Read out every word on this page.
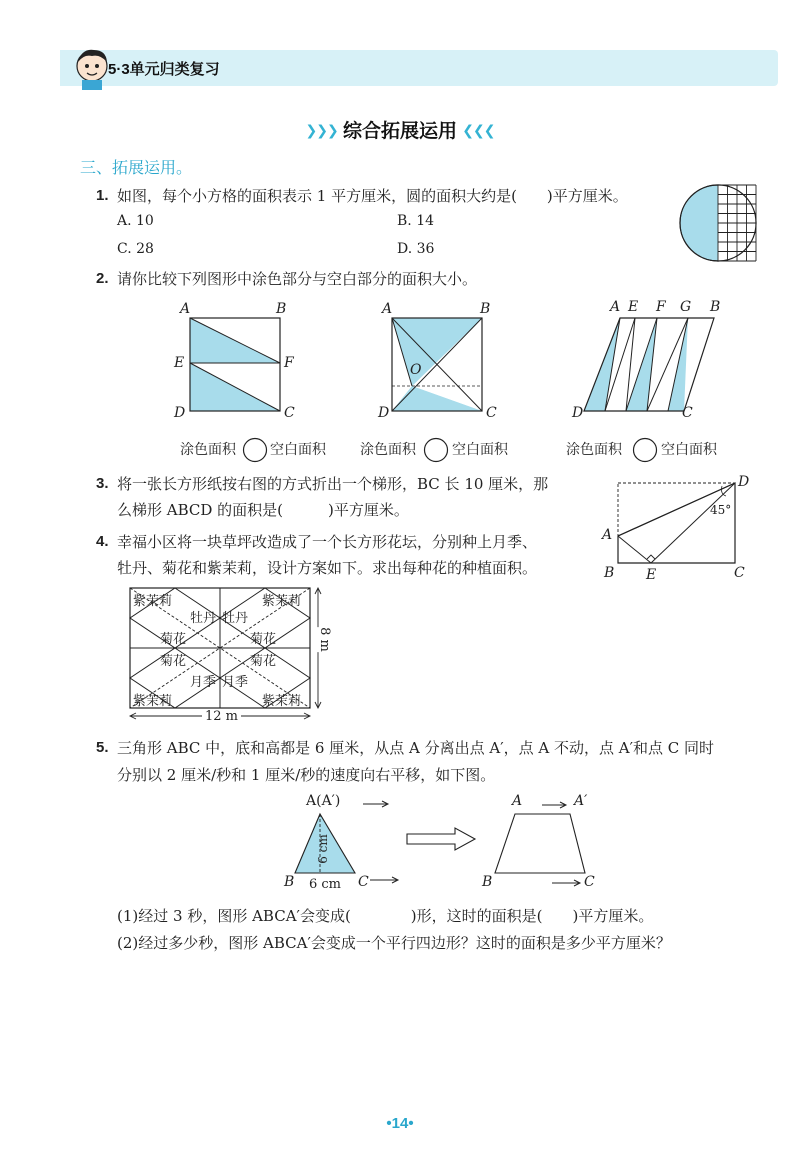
5·3单元归类复习
❯❯❯ 综合拓展运用 ❮❮❮
三、拓展运用。
1. 如图，每个小方格的面积表示 1 平方厘米，圆的面积大约是(　　)平方厘米。
A. 10	B. 14
C. 28	D. 36
2. 请你比较下列图形中涂色部分与空白部分的面积大小。
A	B
E	F
D	C
涂色面积 空白面积
A	B
O
D	C
涂色面积	空白面积
A E F G B
D	C
涂色面积	空白面积
3. 将一张长方形纸按右图的方式折出一个梯形，BC 长 10 厘米，那
么梯形 ABCD 的面积是(　　　)平方厘米。
D
45°
A
B E	C
4. 幸福小区将一块草坪改造成了一个长方形花坛，分别种上月季、
牡丹、菊花和紫茉莉，设计方案如下。求出每种花的种植面积。
紫茉莉	紫茉莉
牡丹 牡丹
菊花	菊花
菊花	菊花
月季 月季
紫茉莉	紫茉莉
12 m
8 m
5. 三角形 ABC 中，底和高都是 6 厘米，从点 A 分离出点 A′，点 A 不动，点 A′和点 C 同时
分别以 2 厘米/秒和 1 厘米/秒的速度向右平移，如下图。
A(A′)
B	C
6 cm
6 cm
A	A′
B	C
(1)经过 3 秒，图形 ABCA′会变成(　　　　)形，这时的面积是(　　)平方厘米。
(2)经过多少秒，图形 ABCA′会变成一个平行四边形？这时的面积是多少平方厘米？
•14•
